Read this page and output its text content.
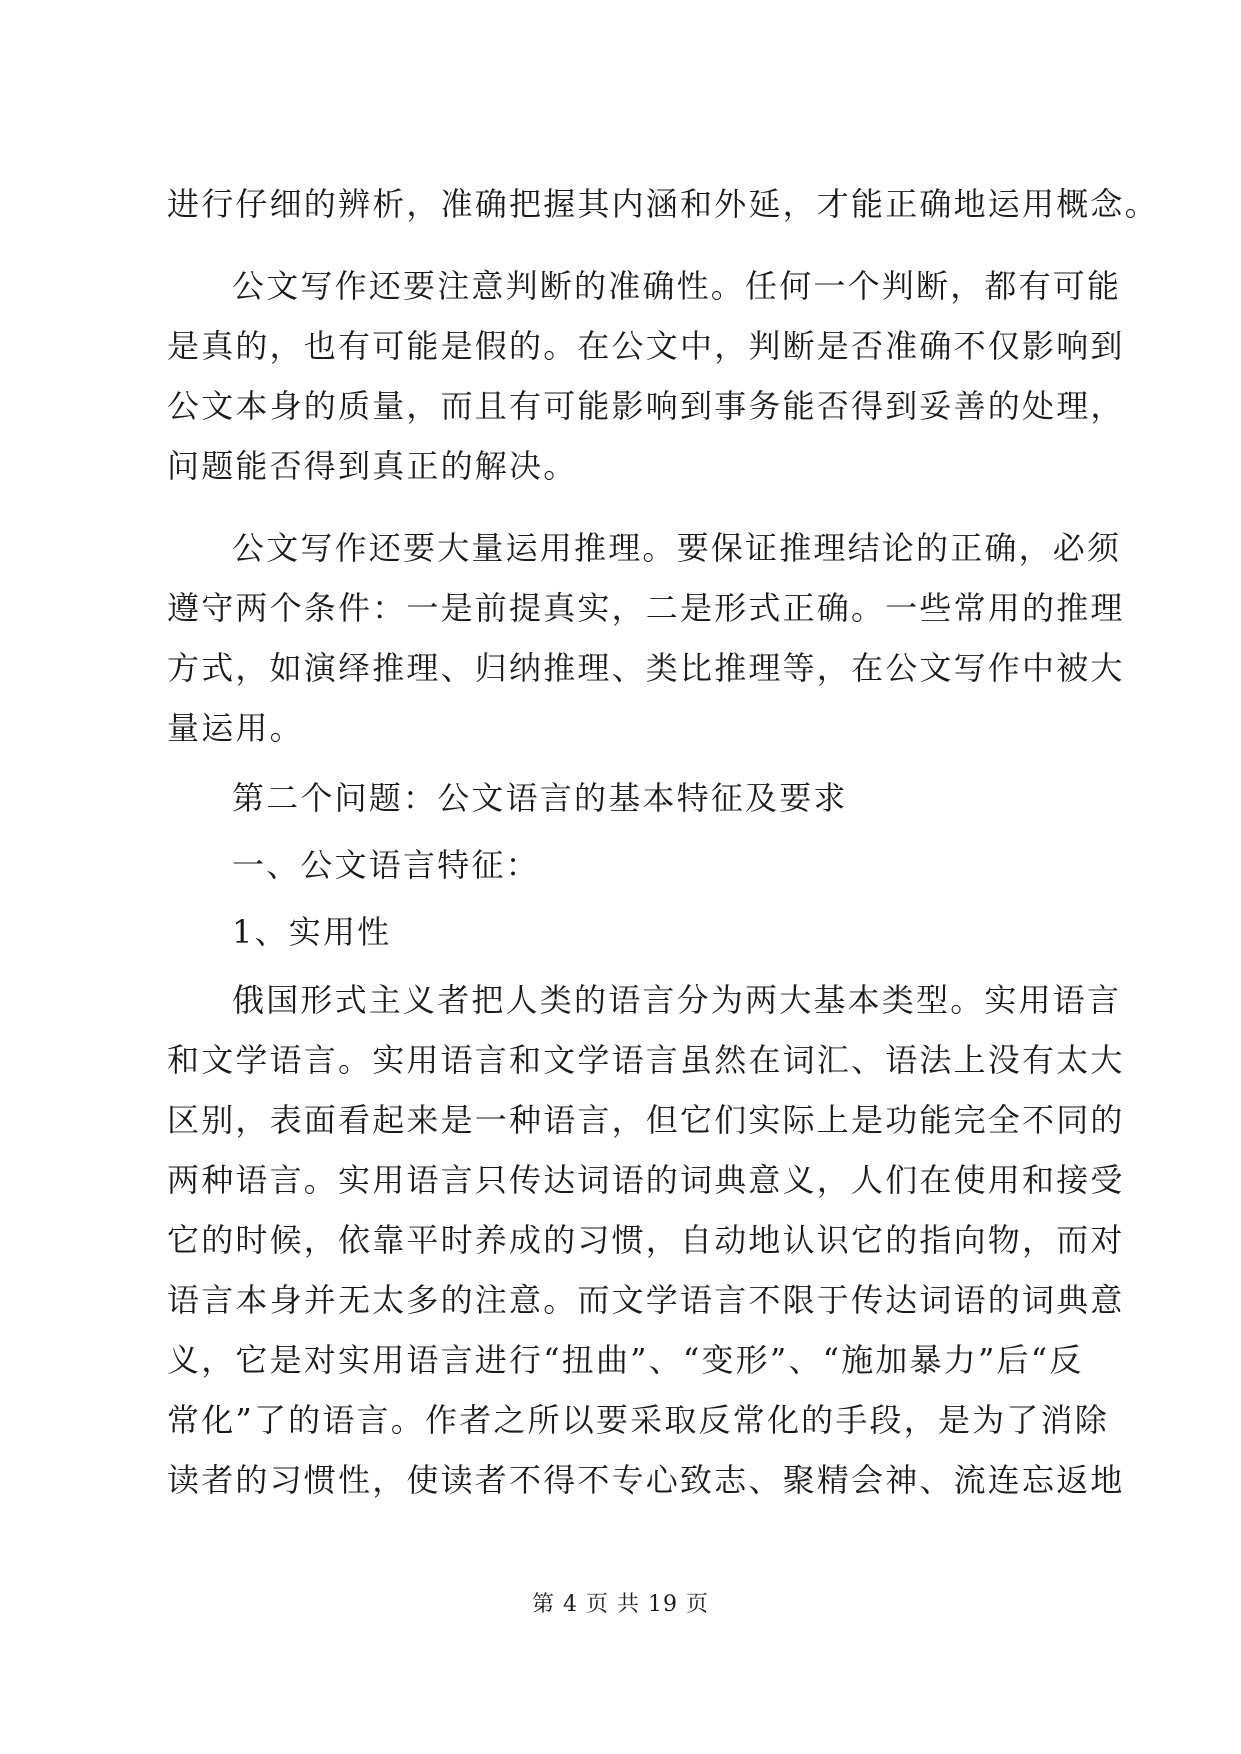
进行仔细的辨析，准确把握其内涵和外延，才能正确地运用概念。
公文写作还要注意判断的准确性。任何一个判断，都有可能
是真的，也有可能是假的。在公文中，判断是否准确不仅影响到
公文本身的质量，而且有可能影响到事务能否得到妥善的处理，
问题能否得到真正的解决。
公文写作还要大量运用推理。要保证推理结论的正确，必须
遵守两个条件：一是前提真实，二是形式正确。一些常用的推理
方式，如演绎推理、归纳推理、类比推理等，在公文写作中被大
量运用。
第二个问题：公文语言的基本特征及要求
一、公文语言特征：
1、实用性
俄国形式主义者把人类的语言分为两大基本类型。实用语言
和文学语言。实用语言和文学语言虽然在词汇、语法上没有太大
区别，表面看起来是一种语言，但它们实际上是功能完全不同的
两种语言。实用语言只传达词语的词典意义，人们在使用和接受
它的时候，依靠平时养成的习惯，自动地认识它的指向物，而对
语言本身并无太多的注意。而文学语言不限于传达词语的词典意
义，它是对实用语言进行“扭曲”、“变形”、“施加暴力”后“反
常化”了的语言。作者之所以要采取反常化的手段，是为了消除
读者的习惯性，使读者不得不专心致志、聚精会神、流连忘返地
第 4 页 共 19 页
